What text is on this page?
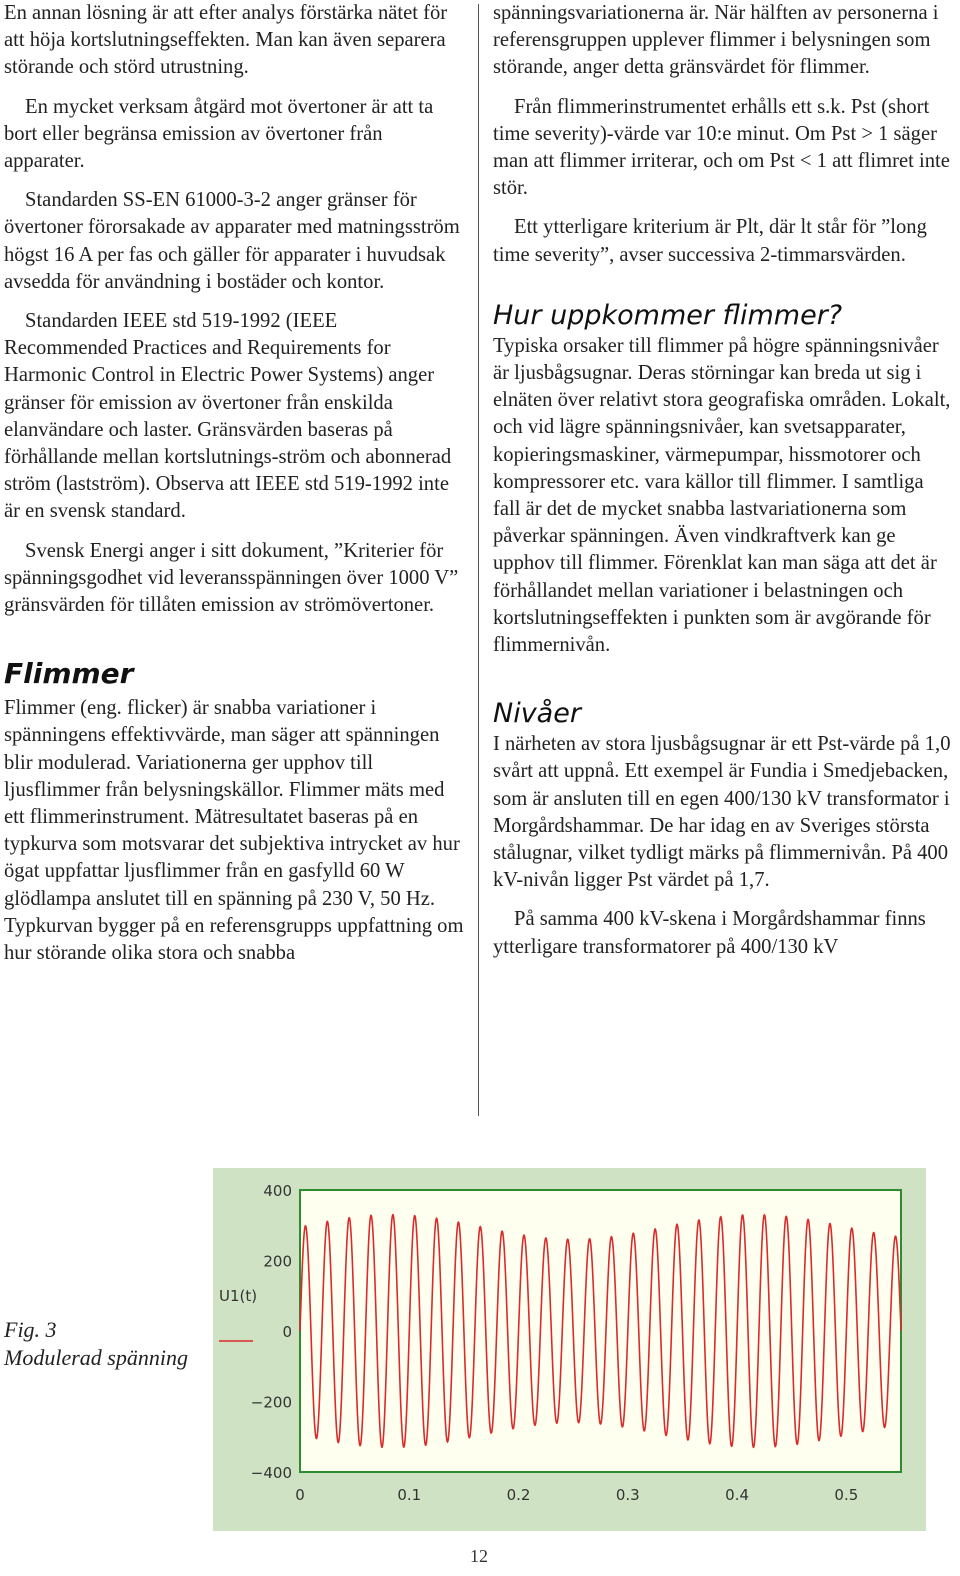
En annan lösning är att efter analys förstärka nätet för att höja kortslutningseffekten. Man kan även separera störande och störd utrustning.

En mycket verksam åtgärd mot övertoner är att ta bort eller begränsa emission av övertoner från apparater.

Standarden SS-EN 61000-3-2 anger gränser för övertoner förorsakade av apparater med matningsström högst 16 A per fas och gäller för apparater i huvudsak avsedda för användning i bostäder och kontor.

Standarden IEEE std 519-1992 (IEEE Recommended Practices and Requirements for Harmonic Control in Electric Power Systems) anger gränser för emission av övertoner från enskilda elanvändare och laster. Gränsvärden baseras på förhållande mellan kortslutnings-ström och abonnerad ström (lastström). Observa att IEEE std 519-1992 inte är en svensk standard.

Svensk Energi anger i sitt dokument, ”Kriterier för spänningsgodhet vid leveransspänningen över 1000 V” gränsvärden för tillåten emission av strömövertoner.

Flimmer

Flimmer (eng. flicker) är snabba variationer i spänningens effektivvärde, man säger att spänningen blir modulerad. Variationerna ger upphov till ljusflimmer från belysningskällor. Flimmer mäts med ett flimmerinstrument. Mätresultatet baseras på en typkurva som motsvarar det subjektiva intrycket av hur ögat uppfattar ljusflimmer från en gasfylld 60 W glödlampa anslutet till en spänning på 230 V, 50 Hz.

Typkurvan bygger på en referensgrupps uppfattning om hur störande olika stora och snabba

spänningsvariationerna är. När hälften av personerna i referensgruppen upplever flimmer i belysningen som störande, anger detta gränsvärdet för flimmer.

Från flimmerinstrumentet erhålls ett s.k. Pst (short time severity)-värde var 10:e minut. Om Pst > 1 säger man att flimmer irriterar, och om Pst < 1 att flimret inte stör.

Ett ytterligare kriterium är Plt, där lt står för ”long time severity”, avser successiva 2-timmarsvärden.

Hur uppkommer flimmer?

Typiska orsaker till flimmer på högre spänningsnivåer är ljusbågsugnar. Deras störningar kan breda ut sig i elnäten över relativt stora geografiska områden. Lokalt, och vid lägre spänningsnivåer, kan svetsapparater, kopieringsmaskiner, värmepumpar, hissmotorer och kompressorer etc. vara källor till flimmer. I samtliga fall är det de mycket snabba lastvariationerna som påverkar spänningen. Även vindkraftverk kan ge upphov till flimmer. Förenklat kan man säga att det är förhållandet mellan variationer i belastningen och kortslutningseffekten i punkten som är avgörande för flimmernivån.

Nivåer

I närheten av stora ljusbågsugnar är ett Pst-värde på 1,0 svårt att uppnå. Ett exempel är Fundia i Smedjebacken, som är ansluten till en egen 400/130 kV transformator i Morgårdshammar. De har idag en av Sveriges största stålugnar, vilket tydligt märks på flimmernivån. På 400 kV-nivån ligger Pst värdet på 1,7.

På samma 400 kV-skena i Morgårdshammar finns ytterligare transformatorer på 400/130 kV

Fig. 3
Modulerad spänning
400
200
0
−200
−400
0	0.1	0.2	0.3	0.4	0.5
U1(t)
12
